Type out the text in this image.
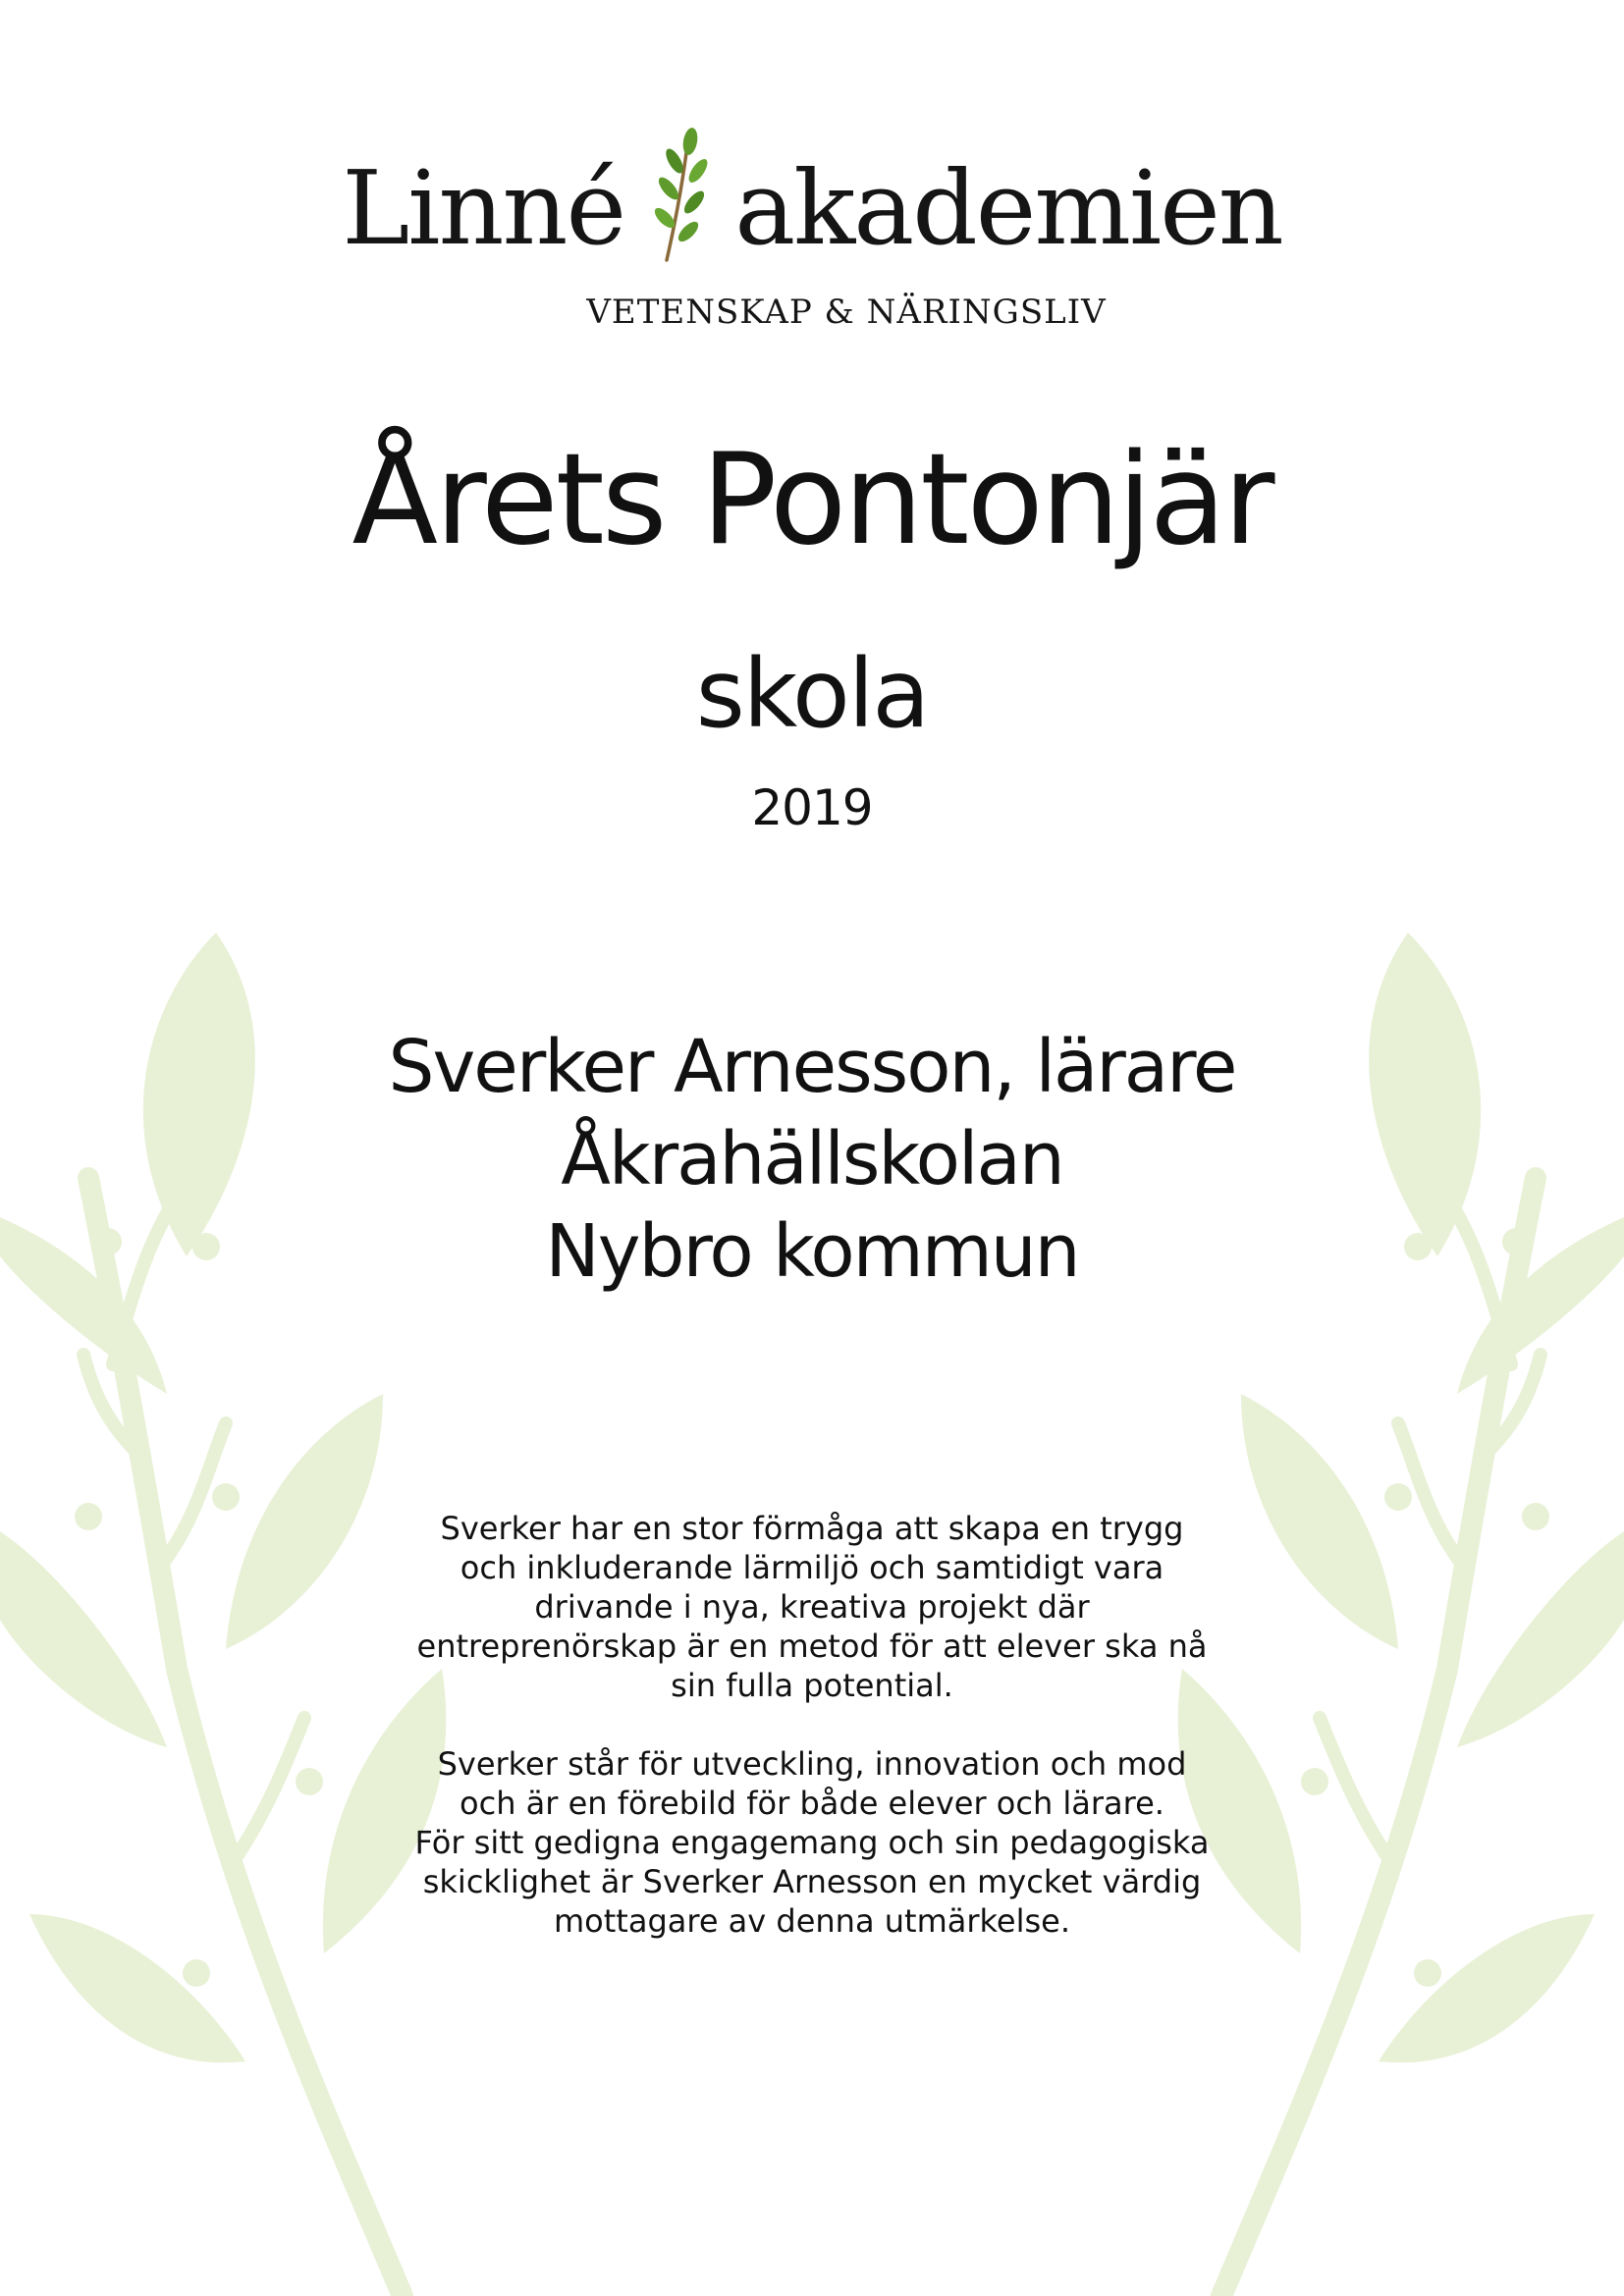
Linné akademien
VETENSKAP & NÄRINGSLIV
Årets Pontonjär
skola
2019
Sverker Arnesson, lärare
Åkrahällskolan
Nybro kommun

Sverker har en stor förmåga att skapa en trygg
och inkluderande lärmiljö och samtidigt vara
drivande i nya, kreativa projekt där
entreprenörskap är en metod för att elever ska nå
sin fulla potential.

Sverker står för utveckling, innovation och mod
och är en förebild för både elever och lärare.
För sitt gedigna engagemang och sin pedagogiska
skicklighet är Sverker Arnesson en mycket värdig
mottagare av denna utmärkelse.
